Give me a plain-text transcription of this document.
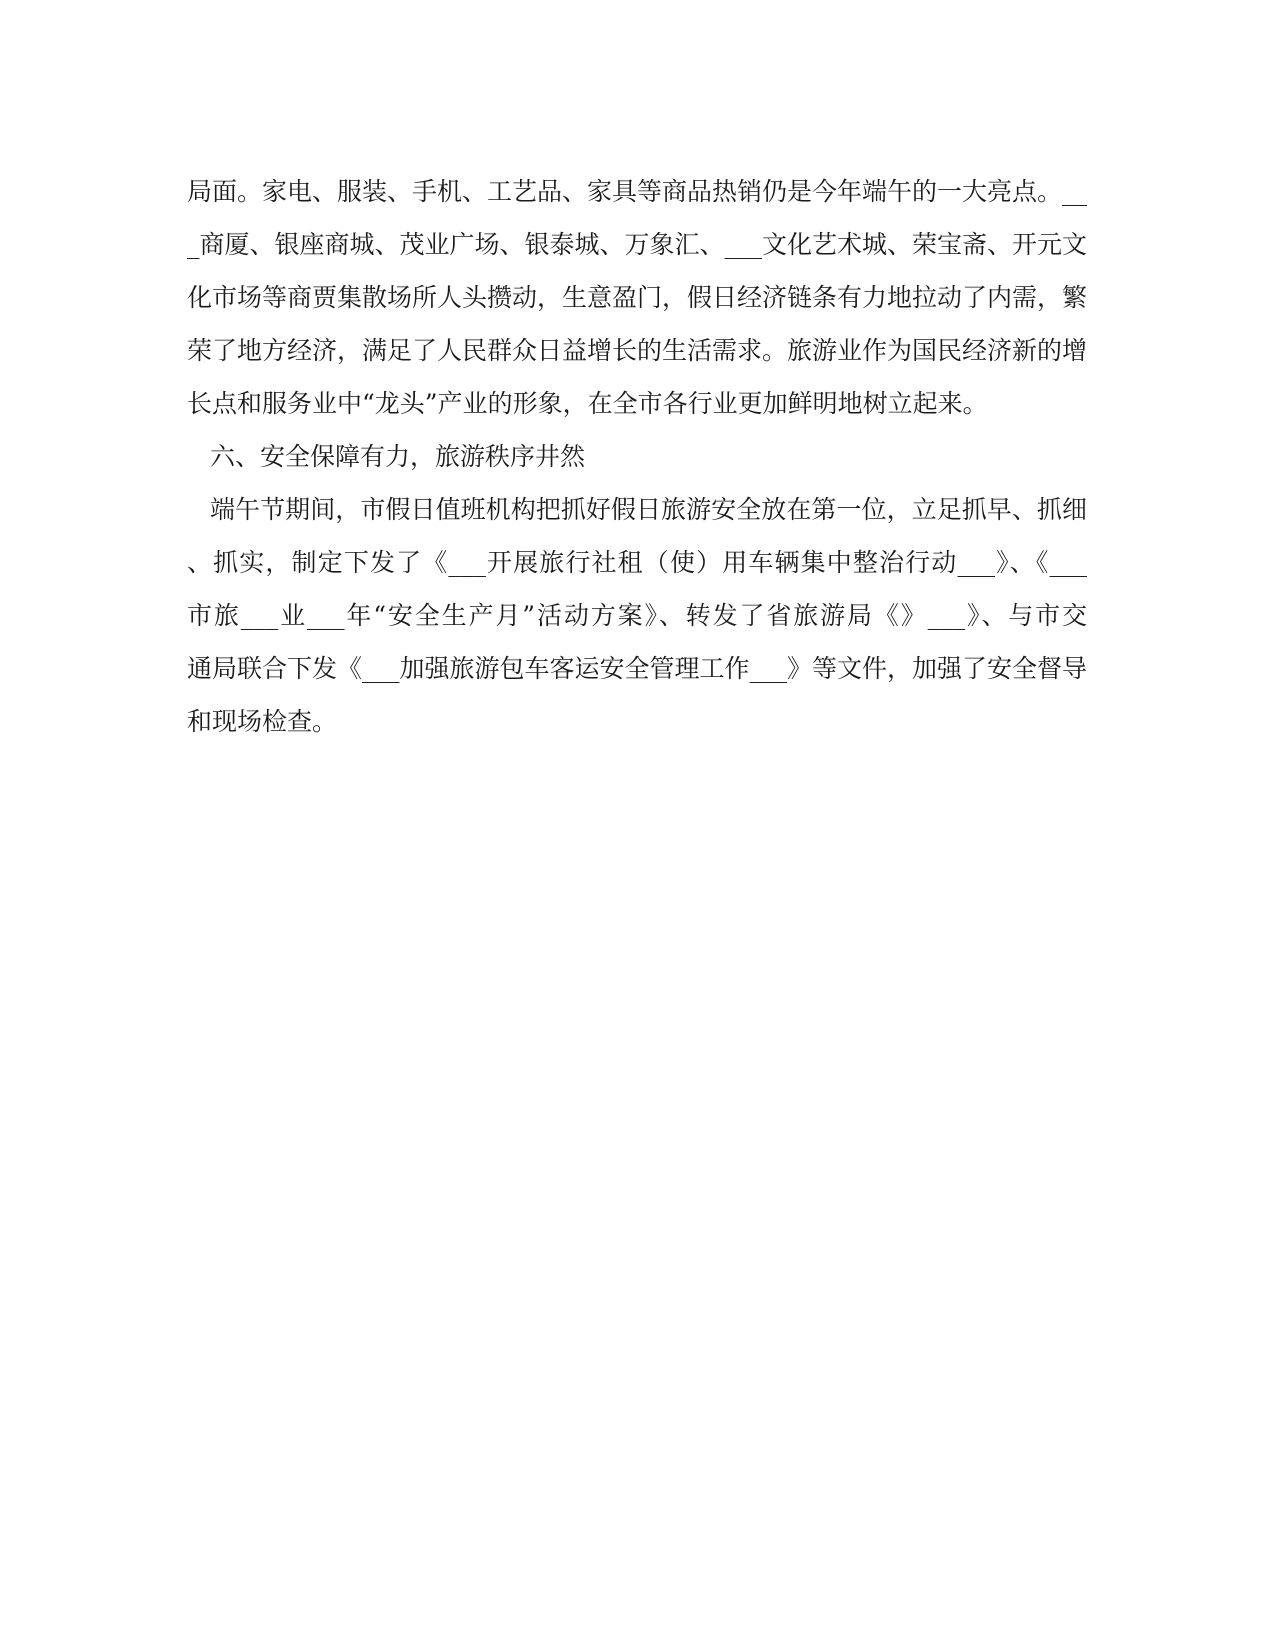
局面。家电、服装、手机、工艺品、家具等商品热销仍是今年端午的一大亮点。__
_商厦、银座商城、茂业广场、银泰城、万象汇、___文化艺术城、荣宝斋、开元文
化市场等商贾集散场所人头攒动，生意盈门，假日经济链条有力地拉动了内需，繁
荣了地方经济，满足了人民群众日益增长的生活需求。旅游业作为国民经济新的增
长点和服务业中“龙头”产业的形象，在全市各行业更加鲜明地树立起来。
六、安全保障有力，旅游秩序井然
端午节期间，市假日值班机构把抓好假日旅游安全放在第一位，立足抓早、抓细
、抓实，制定下发了《___开展旅行社租（使）用车辆集中整治行动___》、《___
市旅___业___年“安全生产月”活动方案》、转发了省旅游局《》___》、与市交
通局联合下发《___加强旅游包车客运安全管理工作___》等文件，加强了安全督导
和现场检查。
